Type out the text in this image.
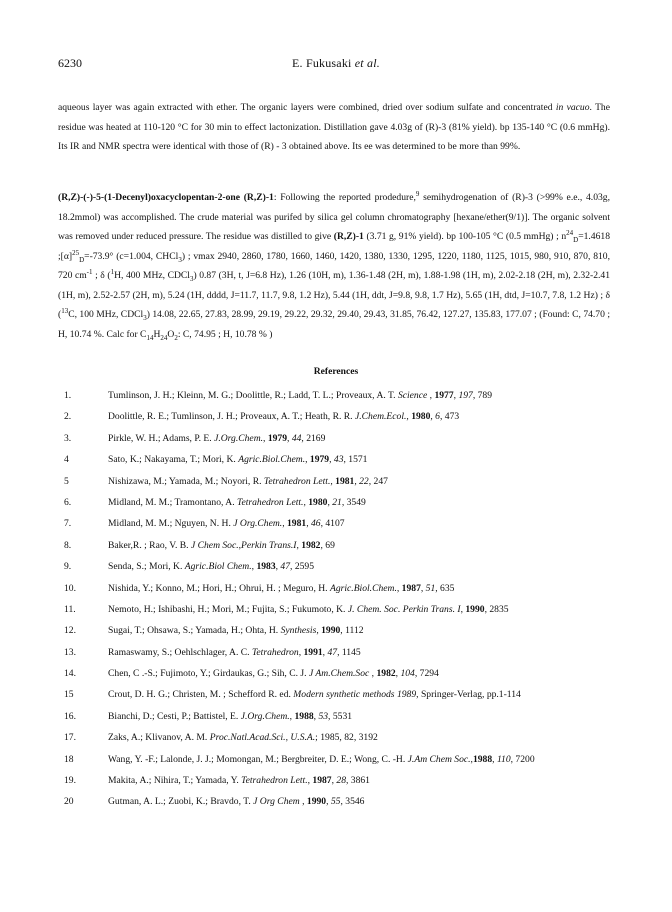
6230	E. Fukusaki et al.
aqueous layer was again extracted with ether. The organic layers were combined, dried over sodium sulfate and concentrated in vacuo. The residue was heated at 110-120 °C for 30 min to effect lactonization. Distillation gave 4.03g of (R)-3 (81% yield). bp 135-140 °C (0.6 mmHg). Its IR and NMR spectra were identical with those of (R) - 3 obtained above. Its ee was determined to be more than 99%.
(R,Z)-(-)-5-(1-Decenyl)oxacyclopentan-2-one (R,Z)-1: Following the reported prodedure,$^9$ semihydrogenation of (R)-3 (>99% e.e., 4.03g, 18.2mmol) was accomplished. The crude material was purifed by silica gel column chromatography [hexane/ether(9/1)]. The organic solvent was removed under reduced pressure. The residue was distilled to give (R,Z)-1 (3.71 g, 91% yield). bp 100-105 °C (0.5 mmHg) ; $n^{24}_D=1.4618$ $;[\alpha]^{25}_D=-73.9^\circ$ (c=1.004, CHCl$_3$) ; vmax 2940, 2860, 1780, 1660, 1460, 1420, 1380, 1330, 1295, 1220, 1180, 1125, 1015, 980, 910, 870, 810, 720 $cm^{-1}$ ; δ ($^1$H, 400 MHz, CDCl$_3$) 0.87 (3H, t, J=6.8 Hz), 1.26 (10H, m), 1.36-1.48 (2H, m), 1.88-1.98 (1H, m), 2.02-2.18 (2H, m), 2.32-2.41 (1H, m), 2.52-2.57 (2H, m), 5.24 (1H, dddd, J=11.7, 11.7, 9.8, 1.2 Hz), 5.44 (1H, ddt, J=9.8, 9.8, 1.7 Hz), 5.65 (1H, dtd, J=10.7, 7.8, 1.2 Hz) ; δ ($^{13}$C, 100 MHz, CDCl$_3$) 14.08, 22.65, 27.83, 28.99, 29.19, 29.22, 29.32, 29.40, 29.43, 31.85, 76.42, 127.27, 135.83, 177.07 ; (Found: C, 74.70 ; H, 10.74 %. Calc for $C_{14}H_{24}O_2$: C, 74.95 ; H, 10.78 % )
References
1.	Tumlinson, J. H.; Kleinn, M. G.; Doolittle, R.; Ladd, T. L.; Proveaux, A. T. Science , 1977, 197, 789
2.	Doolittle, R. E.; Tumlinson, J. H.; Proveaux, A. T.; Heath, R. R. J.Chem.Ecol., 1980, 6, 473
3.	Pirkle, W. H.; Adams, P. E. J.Org.Chem., 1979, 44, 2169
4	Sato, K.; Nakayama, T.; Mori, K. Agric.Biol.Chem., 1979, 43, 1571
5	Nishizawa, M.; Yamada, M.; Noyori, R. Tetrahedron Lett., 1981, 22, 247
6.	Midland, M. M.; Tramontano, A. Tetrahedron Lett., 1980, 21, 3549
7.	Midland, M. M.; Nguyen, N. H. J Org.Chem., 1981, 46, 4107
8.	Baker,R. ; Rao, V. B. J Chem Soc.,Perkin Trans.I, 1982, 69
9.	Senda, S.; Mori, K. Agric.Biol Chem., 1983, 47, 2595
10.	Nishida, Y.; Konno, M.; Hori, H.; Ohrui, H. ; Meguro, H. Agric.Biol.Chem., 1987, 51, 635
11.	Nemoto, H.; Ishibashi, H.; Mori, M.; Fujita, S.; Fukumoto, K. J. Chem. Soc. Perkin Trans. I, 1990, 2835
12.	Sugai, T.; Ohsawa, S.; Yamada, H.; Ohta, H. Synthesis, 1990, 1112
13.	Ramaswamy, S.; Oehlschlager, A. C. Tetrahedron, 1991, 47, 1145
14.	Chen, C .-S.; Fujimoto, Y.; Girdaukas, G.; Sih, C. J. J Am.Chem.Soc , 1982, 104, 7294
15	Crout, D. H. G.; Christen, M. ; Schefford R. ed. Modern synthetic methods 1989, Springer-Verlag, pp.1-114
16.	Bianchi, D.; Cesti, P.; Battistel, E. J.Org.Chem., 1988, 53, 5531
17.	Zaks, A.; Klivanov, A. M. Proc.Natl.Acad.Sci., U.S.A.; 1985, 82, 3192
18	Wang, Y. -F.; Lalonde, J. J.; Momongan, M.; Bergbreiter, D. E.; Wong, C. -H. J.Am Chem Soc.,1988, 110, 7200
19.	Makita, A.; Nihira, T.; Yamada, Y. Tetrahedron Lett., 1987, 28, 3861
20	Gutman, A. L.; Zuobi, K.; Bravdo, T. J Org Chem , 1990, 55, 3546
